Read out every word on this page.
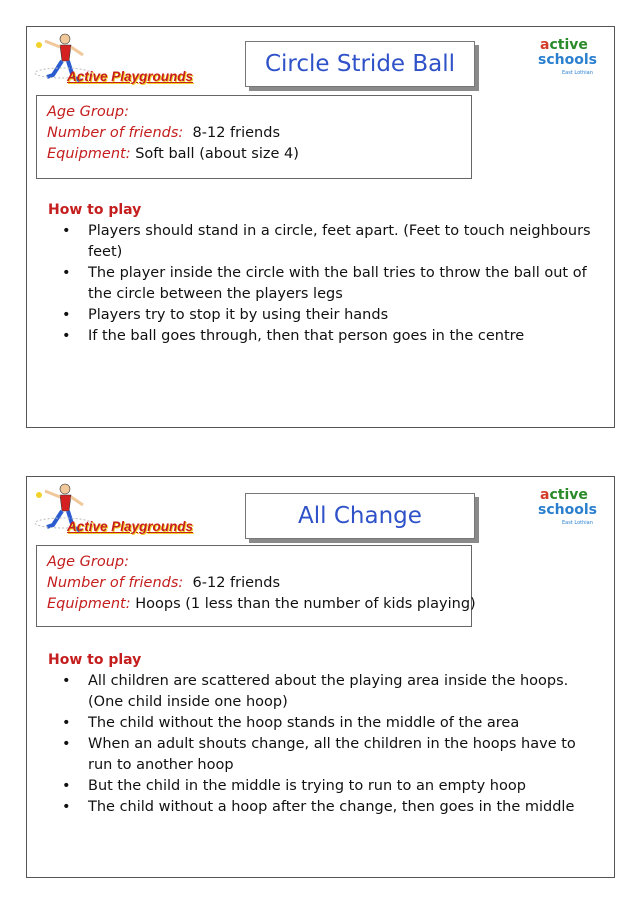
Active Playgrounds	Circle Stride Ball
active
schools
East Lothian
Age Group:
Number of friends: 8-12 friends
Equipment: Soft ball (about size 4)
How to play
• Players should stand in a circle, feet apart. (Feet to touch neighbours feet)
• The player inside the circle with the ball tries to throw the ball out of the circle between the players legs
• Players try to stop it by using their hands
• If the ball goes through, then that person goes in the centre
Active Playgrounds	All Change
active
schools
East Lothian
Age Group:
Number of friends: 6-12 friends
Equipment: Hoops (1 less than the number of kids playing)
How to play
• All children are scattered about the playing area inside the hoops. (One child inside one hoop)
• The child without the hoop stands in the middle of the area
• When an adult shouts change, all the children in the hoops have to run to another hoop
• But the child in the middle is trying to run to an empty hoop
• The child without a hoop after the change, then goes in the middle
